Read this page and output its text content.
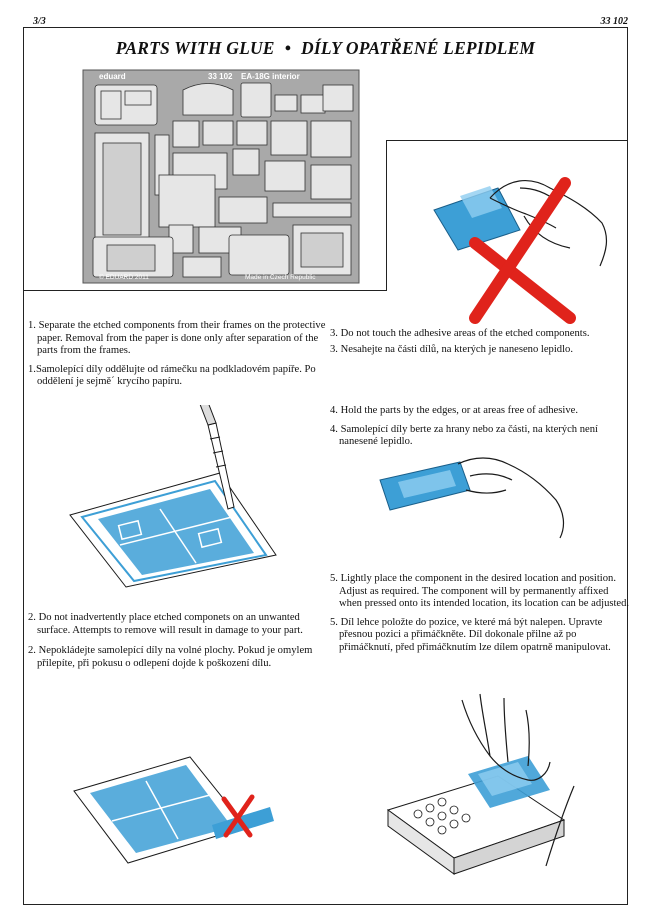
3/3	33 102
PARTS WITH GLUE • DÍLY OPATŘENÉ LEPIDLEM
eduard	33 102 EA-18G interior
© EDUARD 2011	Made in Czech Republic

1. Separate the etched components from their frames on the protective paper. Removal from the paper is done only after separation of the parts from the frames.

1.Samolepící díly oddělujte od rámečku na podkladovém papíře. Po oddělení je sejmě´ krycího papíru.

2. Do not inadvertently place etched componets on an unwanted surface. Attempts to remove will result in damage to your part.

2. Nepokládejte samolepící díly na volné plochy. Pokud je omylem přilepíte, při pokusu o odlepení dojde k poškození dílu.

3. Do not touch the adhesive areas of the etched components.

3. Nesahejte na části dílů, na kterých je naneseno lepidlo.

4. Hold the parts by the edges, or at areas free of adhesive.

4. Samolepící díly berte za hrany nebo za části, na kterých není nanesené lepidlo.

5. Lightly place the component in the desired location and position. Adjust as required. The component will by permanently affixed when pressed onto its intended location, its location can be adjusted.

5. Díl lehce položte do pozice, ve které má být nalepen. Upravte přesnou pozici a přimáčkněte. Díl dokonale přilne až po přimáčknutí, před přimáčknutím lze dílem opatrně manipulovat.
